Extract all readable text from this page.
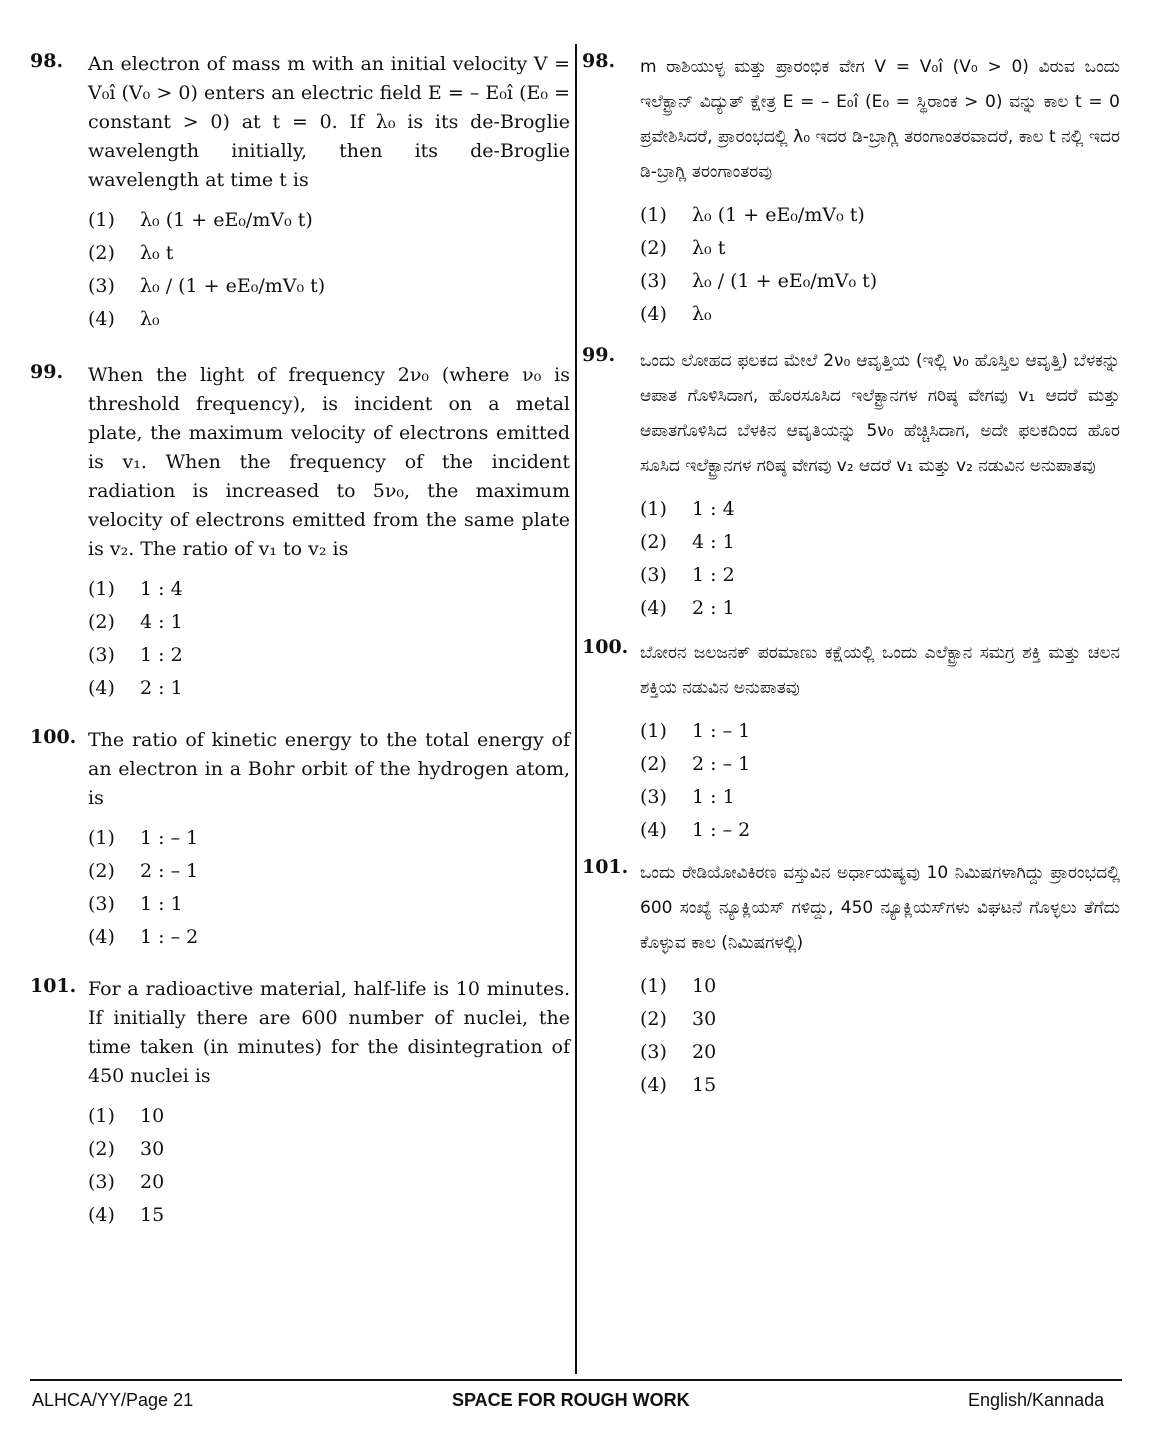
98. An electron of mass m with an initial velocity V = V₀î (V₀ > 0) enters an electric field E = – E₀î (E₀ = constant > 0) at t = 0. If λ₀ is its de-Broglie wavelength initially, then its de-Broglie wavelength at time t is
(1)	λ₀ (1 + eE₀/mV₀ t)
(2)	λ₀ t
(3)	λ₀ / (1 + eE₀/mV₀ t)
(4)	λ₀
99. When the light of frequency 2ν₀ (where ν₀ is threshold frequency), is incident on a metal plate, the maximum velocity of electrons emitted is v₁. When the frequency of the incident radiation is increased to 5ν₀, the maximum velocity of electrons emitted from the same plate is v₂. The ratio of v₁ to v₂ is
(1)	1 : 4
(2)	4 : 1
(3)	1 : 2
(4)	2 : 1
100. The ratio of kinetic energy to the total energy of an electron in a Bohr orbit of the hydrogen atom, is
(1)	1 : – 1
(2)	2 : – 1
(3)	1 : 1
(4)	1 : – 2
101. For a radioactive material, half-life is 10 minutes. If initially there are 600 number of nuclei, the time taken (in minutes) for the disintegration of 450 nuclei is
(1)	10
(2)	30
(3)	20
(4)	15
98. m ರಾಶಿಯುಳ್ಳ ಮತ್ತು ಪ್ರಾರಂಭಿಕ ವೇಗ V = V₀î (V₀ > 0) ವಿರುವ ಒಂದು ಇಲೆಕ್ಟ್ರಾನ್ ವಿದ್ಯುತ್ ಕ್ಷೇತ್ರ E = – E₀î (E₀ = ಸ್ಥಿರಾಂಕ > 0) ವನ್ನು ಕಾಲ t = 0 ಪ್ರವೇಶಿಸಿದರೆ, ಪ್ರಾರಂಭದಲ್ಲಿ λ₀ ಇದರ ಡಿ-ಬ್ರಾಗ್ಲಿ ತರಂಗಾಂತರವಾದರೆ, ಕಾಲ t ನಲ್ಲಿ ಇದರ ಡಿ-ಬ್ರಾಗ್ಲಿ ತರಂಗಾಂತರವು
(1)	λ₀ (1 + eE₀/mV₀ t)
(2)	λ₀ t
(3)	λ₀ / (1 + eE₀/mV₀ t)
(4)	λ₀
99. ಒಂದು ಲೋಹದ ಫಲಕದ ಮೇಲೆ 2ν₀ ಆವೃತ್ತಿಯ (ಇಲ್ಲಿ ν₀ ಹೊಸ್ತಿಲ ಆವೃತ್ತಿ) ಬೆಳಕನ್ನು ಆಪಾತ ಗೊಳಿಸಿದಾಗ, ಹೊರಸೂಸಿದ ಇಲೆಕ್ಟ್ರಾನಗಳ ಗರಿಷ್ಠ ವೇಗವು v₁ ಆದರೆ ಮತ್ತು ಆಪಾತಗೊಳಿಸಿದ ಬೆಳಕಿನ ಆವೃತಿಯನ್ನು 5ν₀ ಹೆಚ್ಚಿಸಿದಾಗ, ಅದೇ ಫಲಕದಿಂದ ಹೊರ ಸೂಸಿದ ಇಲೆಕ್ಟ್ರಾನಗಳ ಗರಿಷ್ಠ ವೇಗವು v₂ ಆದರೆ v₁ ಮತ್ತು v₂ ನಡುವಿನ ಅನುಪಾತವು
(1)	1 : 4
(2)	4 : 1
(3)	1 : 2
(4)	2 : 1
100. ಬೋರನ ಜಲಜನಕ್ ಪರಮಾಣು ಕಕ್ಷೆಯಲ್ಲಿ ಒಂದು ಎಲೆಕ್ಟ್ರಾನ ಸಮಗ್ರ ಶಕ್ತಿ ಮತ್ತು ಚಲನ ಶಕ್ತಿಯ ನಡುವಿನ ಅನುಪಾತವು
(1)	1 : – 1
(2)	2 : – 1
(3)	1 : 1
(4)	1 : – 2
101. ಒಂದು ರೇಡಿಯೋವಿಕಿರಣ ವಸ್ತುವಿನ ಅರ್ಧಾಯಷ್ಯವು 10 ನಿಮಿಷಗಳಾಗಿದ್ದು ಪ್ರಾರಂಭದಲ್ಲಿ 600 ಸಂಖ್ಯೆ ನ್ಯೂಕ್ಲಿಯಸ್ ಗಳಿದ್ದು, 450 ನ್ಯೂಕ್ಲಿಯಸ್‌ಗಳು ವಿಘಟನೆ ಗೊಳ್ಳಲು ತೆಗೆದು ಕೊಳ್ಳುವ ಕಾಲ (ನಿಮಿಷಗಳಲ್ಲಿ)
(1)	10
(2)	30
(3)	20
(4)	15
ALHCA/YY/Page 21	SPACE FOR ROUGH WORK	English/Kannada
